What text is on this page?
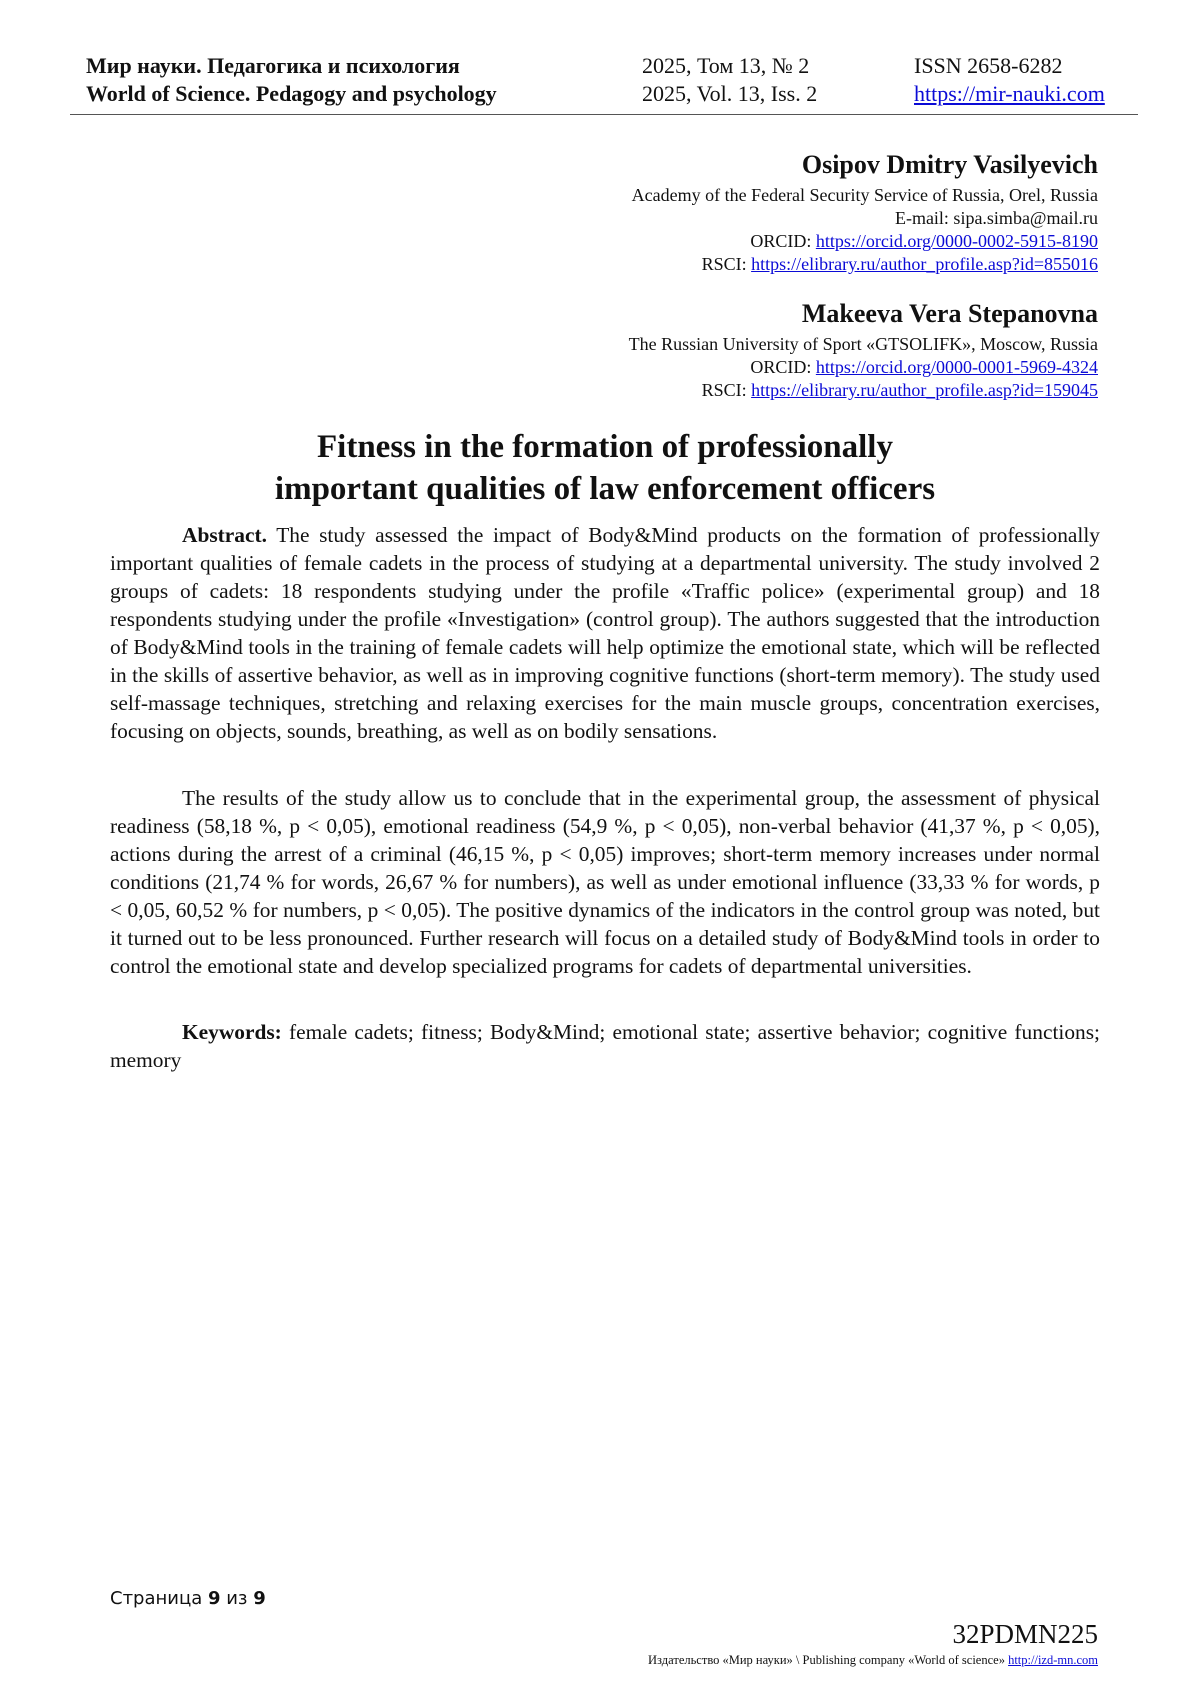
Мир науки. Педагогика и психология
World of Science. Pedagogy and psychology
2025, Том 13, № 2
2025, Vol. 13, Iss. 2
ISSN 2658-6282
https://mir-nauki.com
Osipov Dmitry Vasilyevich
Academy of the Federal Security Service of Russia, Orel, Russia
E-mail: sipa.simba@mail.ru
ORCID: https://orcid.org/0000-0002-5915-8190
RSCI: https://elibrary.ru/author_profile.asp?id=855016
Makeeva Vera Stepanovna
The Russian University of Sport «GTSOLIFK», Moscow, Russia
ORCID: https://orcid.org/0000-0001-5969-4324
RSCI: https://elibrary.ru/author_profile.asp?id=159045
Fitness in the formation of professionally
important qualities of law enforcement officers

Abstract. The study assessed the impact of Body&Mind products on the formation of professionally important qualities of female cadets in the process of studying at a departmental university. The study involved 2 groups of cadets: 18 respondents studying under the profile «Traffic police» (experimental group) and 18 respondents studying under the profile «Investigation» (control group). The authors suggested that the introduction of Body&Mind tools in the training of female cadets will help optimize the emotional state, which will be reflected in the skills of assertive behavior, as well as in improving cognitive functions (short-term memory). The study used self-massage techniques, stretching and relaxing exercises for the main muscle groups, concentration exercises, focusing on objects, sounds, breathing, as well as on bodily sensations.

The results of the study allow us to conclude that in the experimental group, the assessment of physical readiness (58,18 %, p < 0,05), emotional readiness (54,9 %, p < 0,05), non-verbal behavior (41,37 %, p < 0,05), actions during the arrest of a criminal (46,15 %, p < 0,05) improves; short-term memory increases under normal conditions (21,74 % for words, 26,67 % for numbers), as well as under emotional influence (33,33 % for words, p < 0,05, 60,52 % for numbers, p < 0,05). The positive dynamics of the indicators in the control group was noted, but it turned out to be less pronounced. Further research will focus on a detailed study of Body&Mind tools in order to control the emotional state and develop specialized programs for cadets of departmental universities.

Keywords: female cadets; fitness; Body&Mind; emotional state; assertive behavior; cognitive functions; memory

Страница 9 из 9
32PDMN225
Издательство «Мир науки» \ Publishing company «World of science» http://izd-mn.com
